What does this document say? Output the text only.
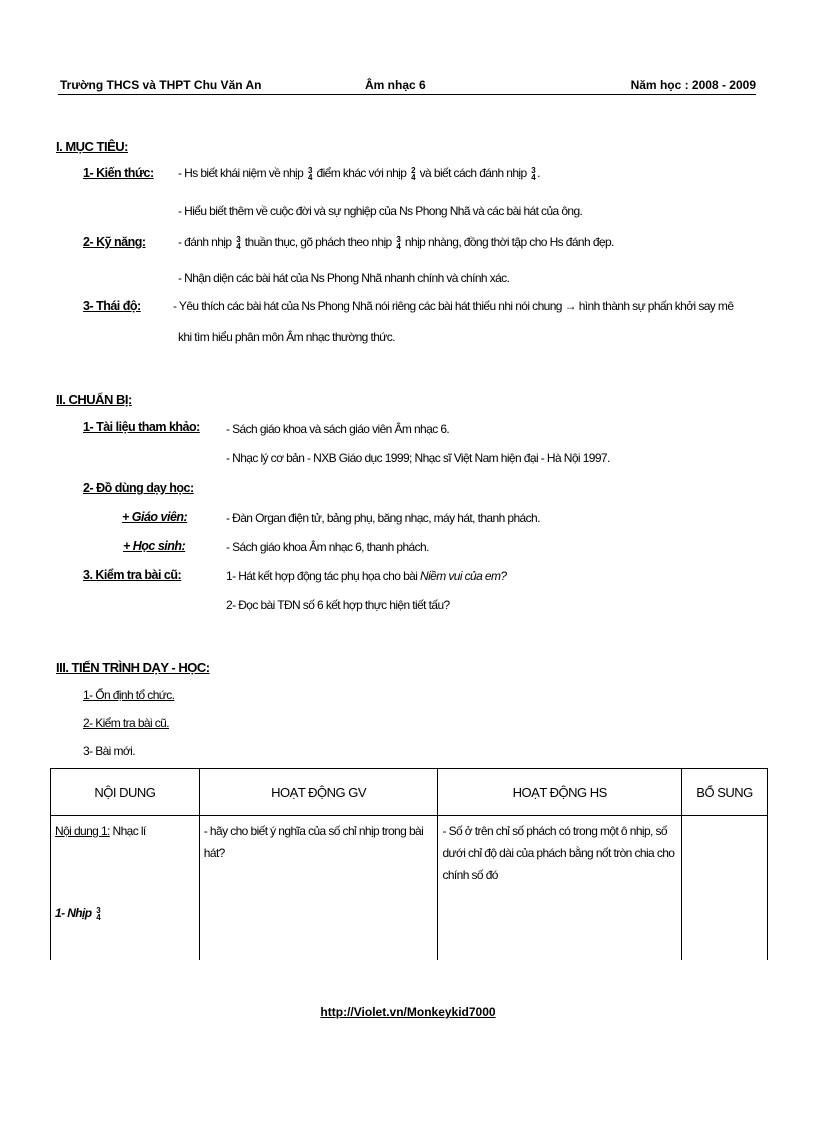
Trường THCS và THPT Chu Văn An	Âm nhạc 6	Năm học : 2008 - 2009
I. MỤC TIÊU:
1- Kiến thức: - Hs biết khái niệm về nhịp 3
4 điểm khác với nhịp 2
4 và biết cách đánh nhịp 3
4 .
- Hiểu biết thêm về cuộc đời và sự nghiệp của Ns Phong Nhã và các bài hát của ông.
2- Kỹ năng:	- đánh nhịp 3
4 thuần thục, gõ phách theo nhịp 3
4 nhịp nhàng, đồng thời tập cho Hs đánh đẹp.
- Nhận diện các bài hát của Ns Phong Nhã nhanh chính và chính xác.
3- Thái độ:	- Yêu thích các bài hát của Ns Phong Nhã nói riêng các bài hát thiếu nhi nói chung → hình thành sự phấn khởi say mê
khi tìm hiểu phân môn Âm nhạc thường thức.
II. CHUẨN BỊ:
1- Tài liệu tham khảo: - Sách giáo khoa và sách giáo viên Âm nhạc 6.
- Nhạc lý cơ bản - NXB Giáo dục 1999; Nhạc sĩ Việt Nam hiện đại - Hà Nội 1997.
2- Đồ dùng dạy học:
+ Giáo viên:	- Đàn Organ điện tử, bảng phụ, băng nhạc, máy hát, thanh phách.
+ Học sinh:	- Sách giáo khoa Âm nhạc 6, thanh phách.
3. Kiểm tra bài cũ:	1- Hát kết hợp động tác phụ họa cho bài Niềm vui của em?
2- Đọc bài TĐN số 6 kết hợp thực hiện tiết tấu?
III. TIẾN TRÌNH DẠY - HỌC:
1- Ổn định tổ chức.
2- Kiểm tra bài cũ.
3- Bài mới.
NỘI DUNG	HOẠT ĐỘNG GV	HOẠT ĐỘNG HS	BỔ SUNG
Nội dung 1: Nhạc lí
1- Nhịp 3
4	- hãy cho biết ý nghĩa của số chỉ nhịp trong bài hát?	- Số ở trên chỉ số phách có trong một ô nhịp, số dưới chỉ độ dài của phách bằng nốt tròn chia cho chính số đó	
http://Violet.vn/Monkeykid7000
